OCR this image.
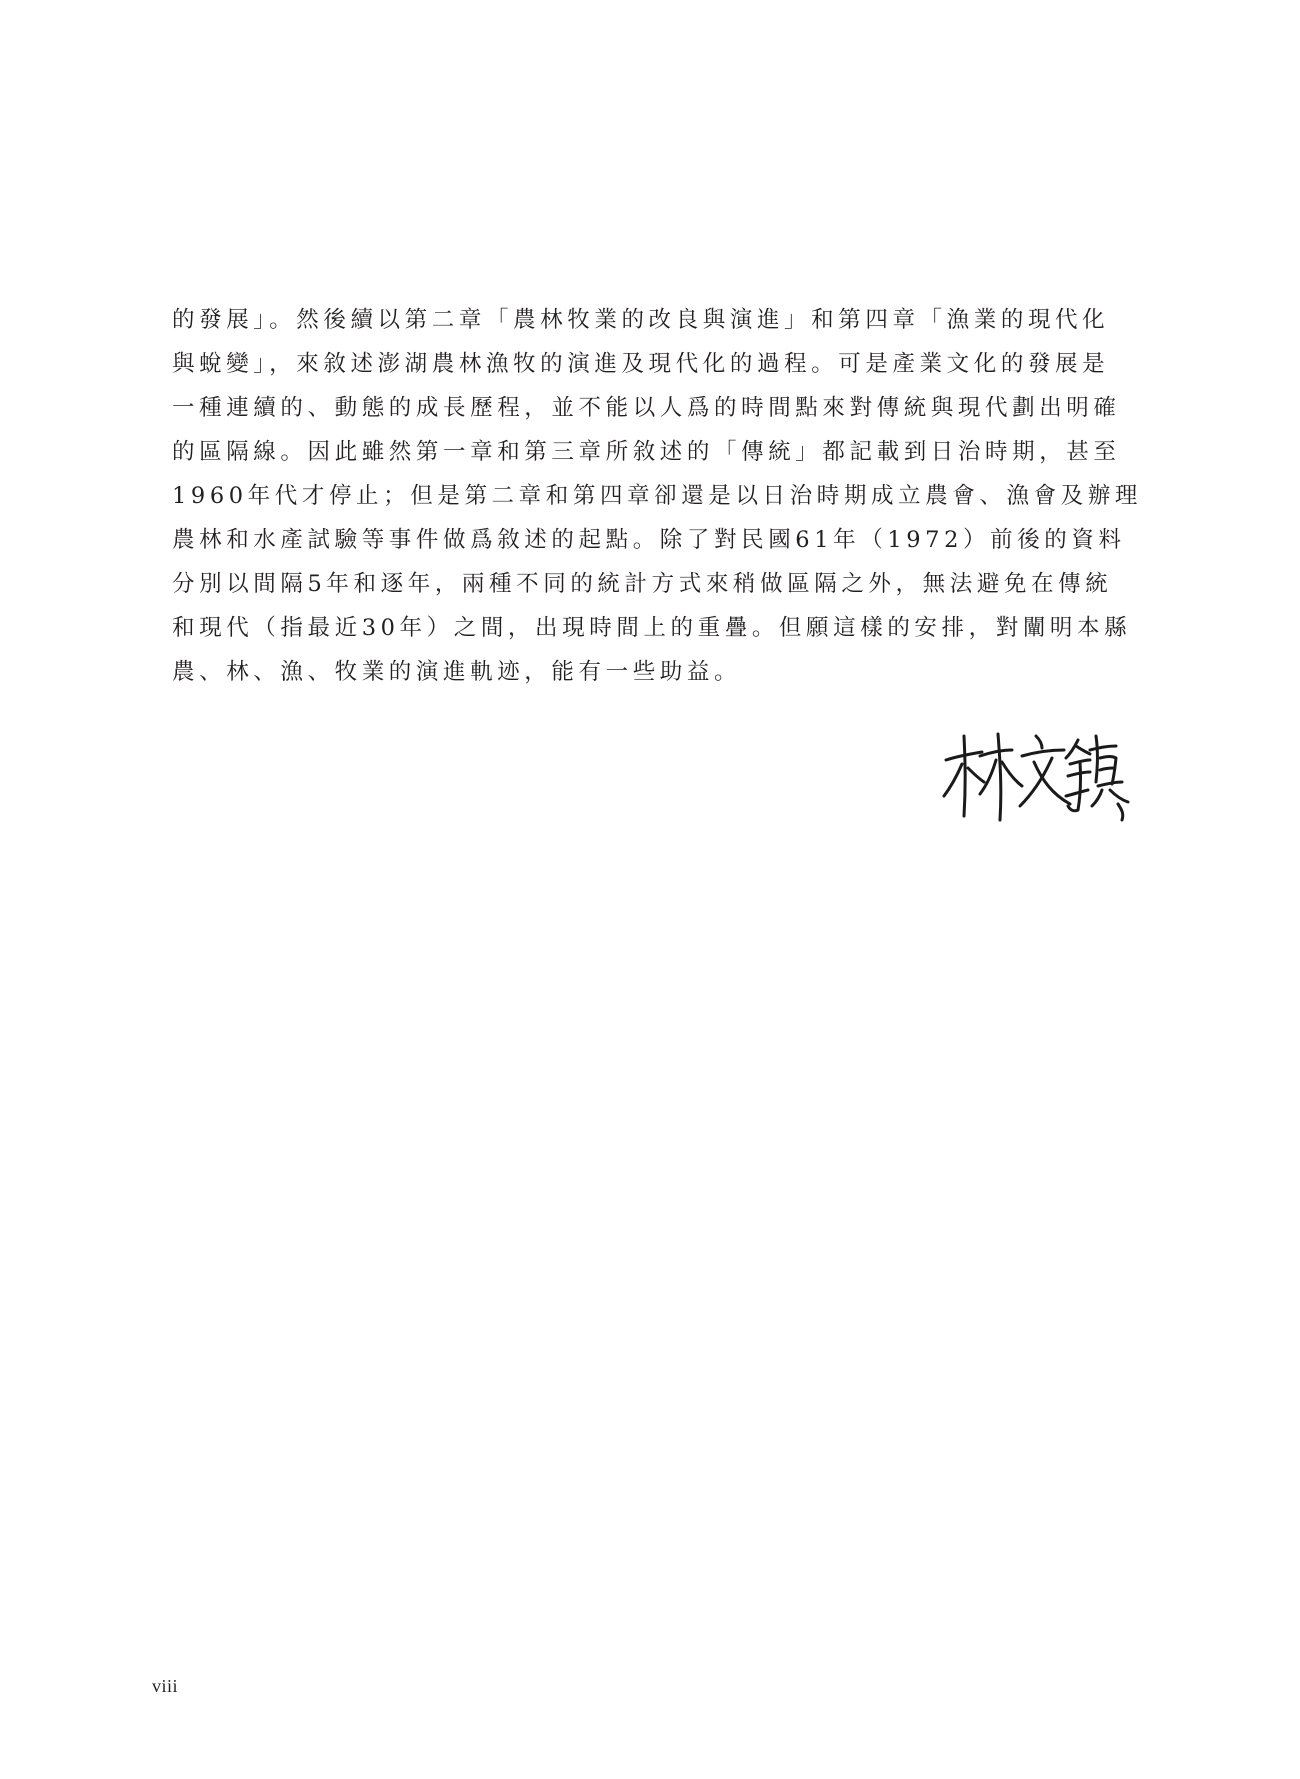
的發展」。然後續以第二章「農林牧業的改良與演進」和第四章「漁業的現代化
與蛻變」，來敘述澎湖農林漁牧的演進及現代化的過程。可是產業文化的發展是
一種連續的、動態的成長歷程，並不能以人爲的時間點來對傳統與現代劃出明確
的區隔線。因此雖然第一章和第三章所敘述的「傳統」都記載到日治時期，甚至
1960年代才停止；但是第二章和第四章卻還是以日治時期成立農會、漁會及辦理
農林和水產試驗等事件做爲敘述的起點。除了對民國61年（1972）前後的資料
分別以間隔5年和逐年，兩種不同的統計方式來稍做區隔之外，無法避免在傳統
和現代（指最近30年）之間，出現時間上的重疊。但願這樣的安排，對闡明本縣
農、林、漁、牧業的演進軌迹，能有一些助益。
viii
